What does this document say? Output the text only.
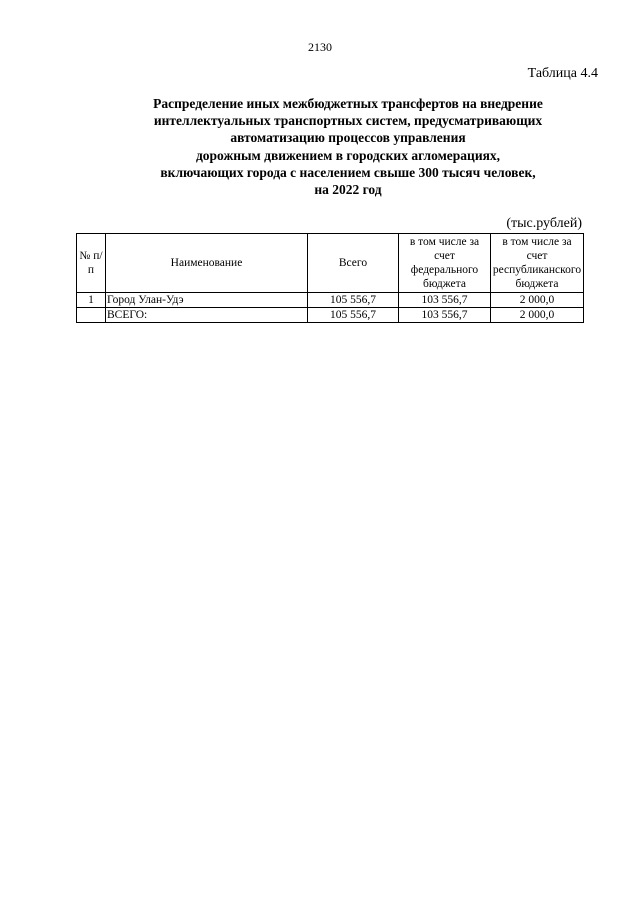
2130
Таблица 4.4
Распределение иных межбюджетных трансфертов на внедрение
интеллектуальных транспортных систем, предусматривающих
автоматизацию процессов управления
дорожным движением в городских агломерациях,
включающих города с населением свыше 300 тысяч человек,
на 2022 год
(тыс.рублей)
№ п/п	Наименование	Всего	в том числе за счет федерального бюджета	в том числе за счет республиканского бюджета
1	Город Улан-Удэ	105 556,7	103 556,7	2 000,0
	ВСЕГО:	105 556,7	103 556,7	2 000,0
